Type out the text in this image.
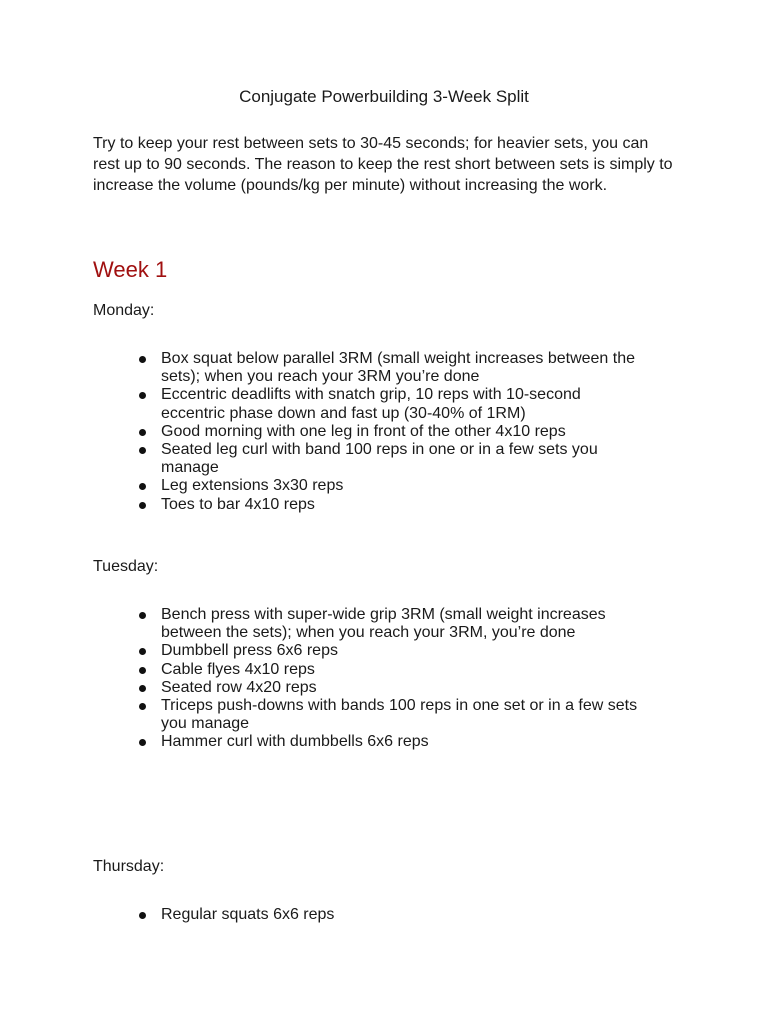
Conjugate Powerbuilding 3-Week Split
Try to keep your rest between sets to 30-45 seconds; for heavier sets, you can rest up to 90 seconds. The reason to keep the rest short between sets is simply to increase the volume (pounds/kg per minute) without increasing the work.
Week 1
Monday:
Box squat below parallel 3RM (small weight increases between the sets); when you reach your 3RM you’re done
Eccentric deadlifts with snatch grip, 10 reps with 10-second eccentric phase down and fast up (30-40% of 1RM)
Good morning with one leg in front of the other 4x10 reps
Seated leg curl with band 100 reps in one or in a few sets you manage
Leg extensions 3x30 reps
Toes to bar 4x10 reps
Tuesday:
Bench press with super-wide grip 3RM (small weight increases between the sets); when you reach your 3RM, you’re done
Dumbbell press 6x6 reps
Cable flyes 4x10 reps
Seated row 4x20 reps
Triceps push-downs with bands 100 reps in one set or in a few sets you manage
Hammer curl with dumbbells 6x6 reps
Thursday:
Regular squats 6x6 reps
